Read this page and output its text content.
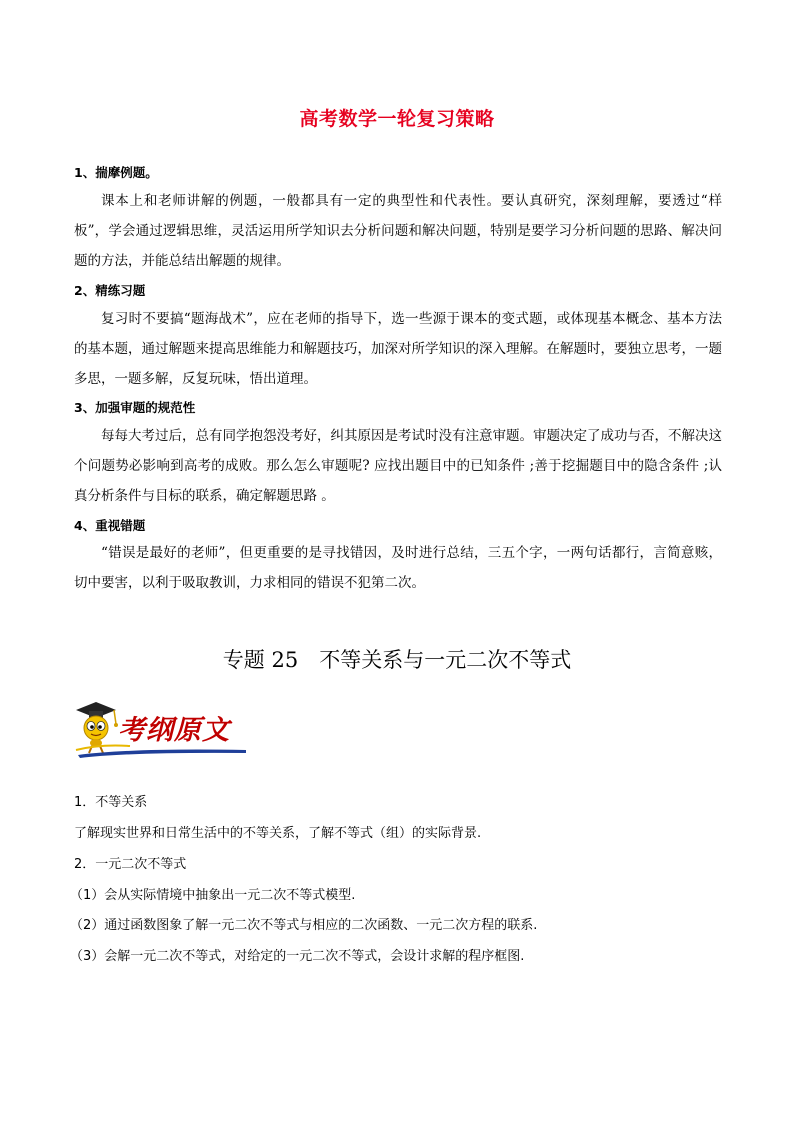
高考数学一轮复习策略
1、揣摩例题。

课本上和老师讲解的例题，一般都具有一定的典型性和代表性。要认真研究，深刻理解，要透过“样板”，学会通过逻辑思维，灵活运用所学知识去分析问题和解决问题，特别是要学习分析问题的思路、解决问题的方法，并能总结出解题的规律。

2、精练习题

复习时不要搞“题海战术”，应在老师的指导下，选一些源于课本的变式题，或体现基本概念、基本方法的基本题，通过解题来提高思维能力和解题技巧，加深对所学知识的深入理解。在解题时，要独立思考，一题多思，一题多解，反复玩味，悟出道理。

3、加强审题的规范性

每每大考过后，总有同学抱怨没考好，纠其原因是考试时没有注意审题。审题决定了成功与否，不解决这个问题势必影响到高考的成败。那么怎么审题呢? 应找出题目中的已知条件 ;善于挖掘题目中的隐含条件 ;认真分析条件与目标的联系，确定解题思路 。

4、重视错题

“错误是最好的老师”，但更重要的是寻找错因，及时进行总结，三五个字，一两句话都行，言简意赅，切中要害，以利于吸取教训，力求相同的错误不犯第二次。

专题 25　不等关系与一元二次不等式
考纲原文
1．不等关系
了解现实世界和日常生活中的不等关系，了解不等式（组）的实际背景.
2．一元二次不等式
（1）会从实际情境中抽象出一元二次不等式模型.
（2）通过函数图象了解一元二次不等式与相应的二次函数、一元二次方程的联系.
（3）会解一元二次不等式，对给定的一元二次不等式，会设计求解的程序框图.
